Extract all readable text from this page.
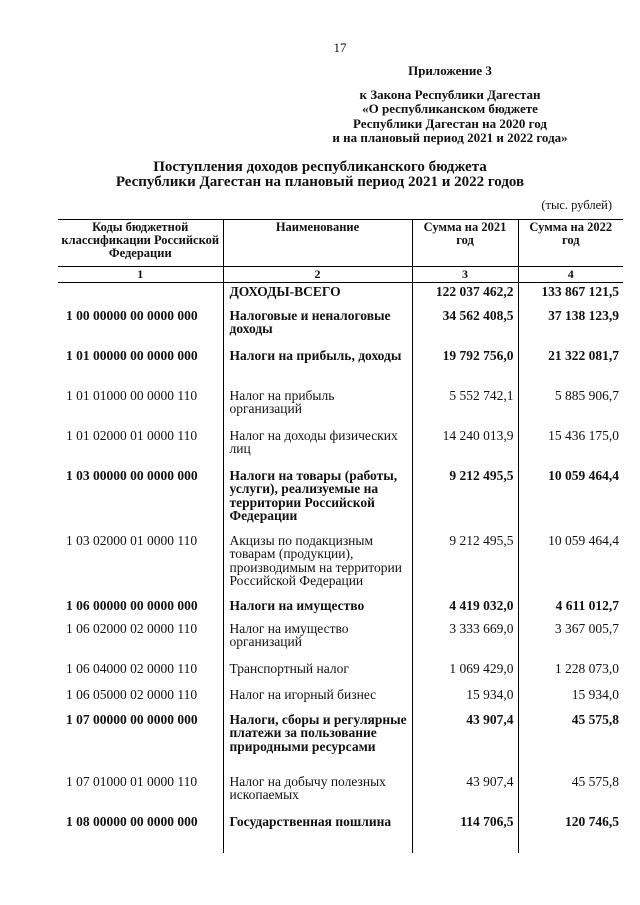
17
Приложение 3
к Закона Республики Дагестан
«О республиканском бюджете
Республики Дагестан на 2020 год
и на плановый период 2021 и 2022 года»
Поступления доходов республиканского бюджета
Республики Дагестан на плановый период 2021 и 2022 годов
(тыс. рублей)
Коды бюджетной классификации Российской Федерации	Наименование	Сумма на 2021 год	Сумма на 2022 год
1	2	3	4
	ДОХОДЫ-ВСЕГО	122 037 462,2	133 867 121,5
1 00 00000 00 0000 000	Налоговые и неналоговые доходы	34 562 408,5	37 138 123,9
1 01 00000 00 0000 000	Налоги на прибыль, доходы	19 792 756,0	21 322 081,7
1 01 01000 00 0000 110	Налог на прибыль организаций	5 552 742,1	5 885 906,7
1 01 02000 01 0000 110	Налог на доходы физических лиц	14 240 013,9	15 436 175,0
1 03 00000 00 0000 000	Налоги на товары (работы, услуги), реализуемые на территории Российской Федерации	9 212 495,5	10 059 464,4
1 03 02000 01 0000 110	Акцизы по подакцизным товарам (продукции), производимым на территории Российской Федерации	9 212 495,5	10 059 464,4
1 06 00000 00 0000 000	Налоги на имущество	4 419 032,0	4 611 012,7
1 06 02000 02 0000 110	Налог на имущество организаций	3 333 669,0	3 367 005,7
1 06 04000 02 0000 110	Транспортный налог	1 069 429,0	1 228 073,0
1 06 05000 02 0000 110	Налог на игорный бизнес	15 934,0	15 934,0
1 07 00000 00 0000 000	Налоги, сборы и регулярные платежи за пользование природными ресурсами	43 907,4	45 575,8
1 07 01000 01 0000 110	Налог на добычу полезных ископаемых	43 907,4	45 575,8
1 08 00000 00 0000 000	Государственная пошлина	114 706,5	120 746,5
